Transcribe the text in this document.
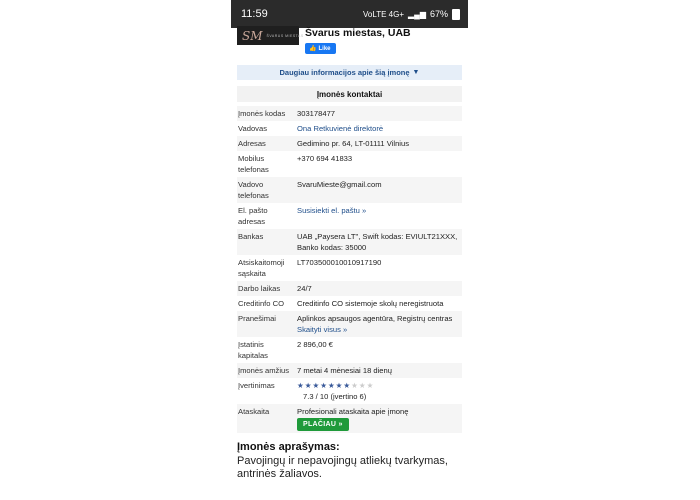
11:59	VoLTE 4G+ ▂▄▆ 67%
SM ŠVARUS MIESTAS Švarus miestas, UAB
👍 Like
Daugiau informacijos apie šią įmonę ▼
Įmonės kontaktai
Įmonės kodas	303178477
Vadovas	Ona Retkuvienė direktorė
Adresas	Gedimino pr. 64, LT-01111 Vilnius
Mobilus telefonas	+370 694 41833
Vadovo telefonas	SvaruMieste@gmail.com
El. pašto adresas	Susisiekti el. paštu »
Bankas	UAB „Paysera LT", Swift kodas: EVIULT21XXX, Banko kodas: 35000
Atsiskaitomoji sąskaita	LT703500010010917190
Darbo laikas	24/7
Creditinfo CO	Creditinfo CO sistemoje skolų neregistruota
Pranešimai	Aplinkos apsaugos agentūra, Registrų centras Skaityti visus »
Įstatinis kapitalas	2 896,00 €
Įmonės amžius	7 metai 4 mėnesiai 18 dienų
Įvertinimas	★★★★★★★★★★
7.3 / 10 (įvertino 6)

Ataskaita	Profesionali ataskaita apie įmonę
PLAČIAU »
Įmonės aprašymas:
Pavojingų ir nepavojingų atliekų tvarkymas, antrinės žaliavos.
